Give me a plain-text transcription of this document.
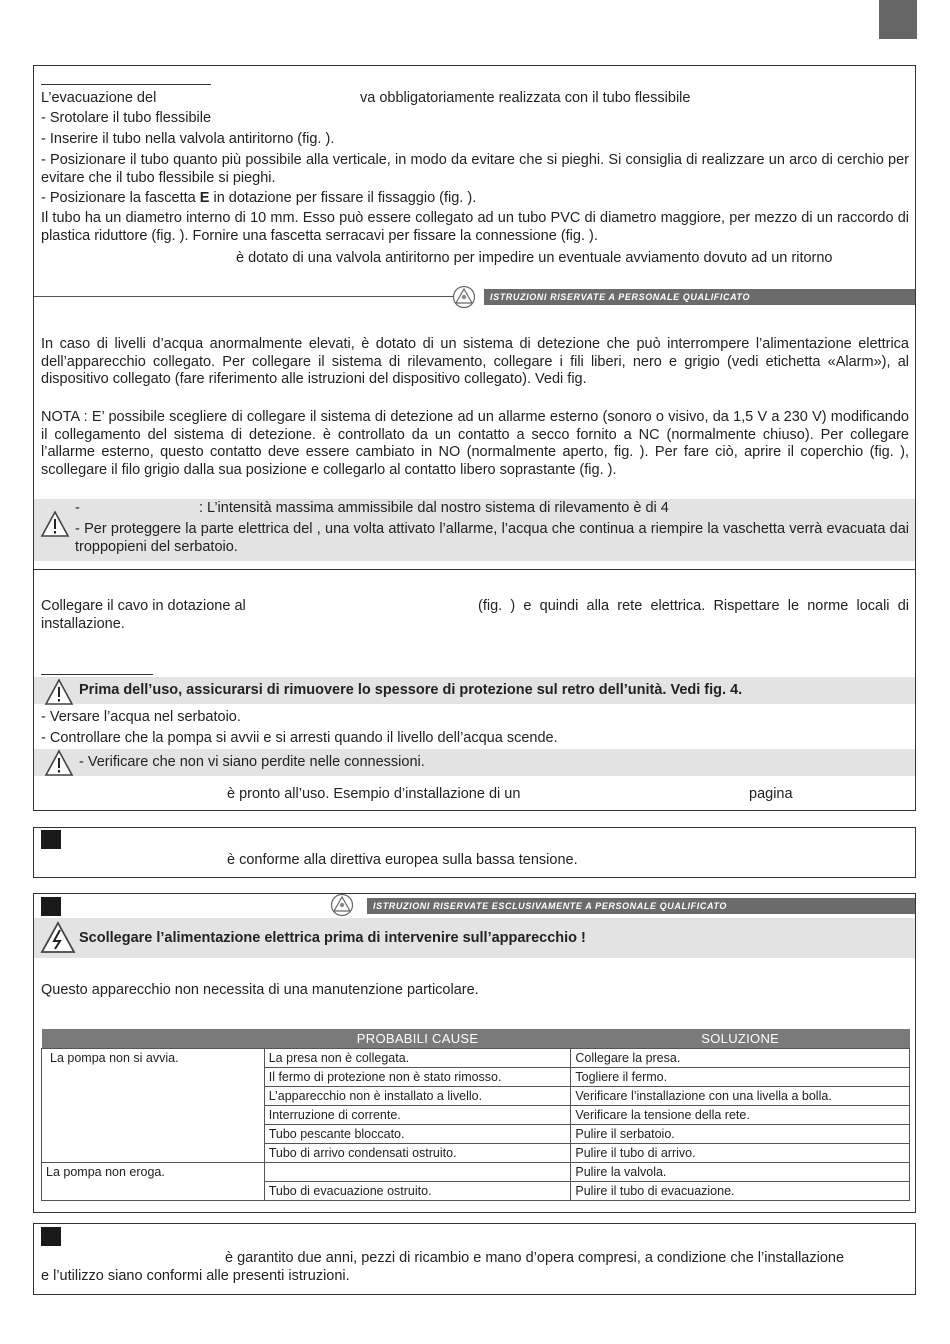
L’evacuazione del	va obbligatoriamente realizzata con il tubo flessibile

- Srotolare il tubo flessibile

- Inserire il tubo nella valvola antiritorno (fig. ).

- Posizionare il tubo quanto più possibile alla verticale, in modo da evitare che si pieghi. Si consiglia di realizzare un arco di cerchio per evitare che il tubo flessibile si pieghi.

- Posizionare la fascetta E in dotazione per fissare il fissaggio (fig. ).

Il tubo ha un diametro interno di 10 mm. Esso può essere collegato ad un tubo PVC di diametro maggiore, per mezzo di un raccordo di plastica riduttore (fig. ). Fornire una fascetta serracavi per fissare la connessione (fig. ).

è dotato di una valvola antiritorno per impedire un eventuale avviamento dovuto ad un ritorno

ISTRUZIONI RISERVATE A PERSONALE QUALIFICATO

In caso di livelli d’acqua anormalmente elevati, è dotato di un sistema di detezione che può interrompere l’alimentazione elettrica dell’apparecchio collegato. Per collegare il sistema di rilevamento, collegare i fili liberi, nero e grigio (vedi etichetta «Alarm»), al dispositivo collegato (fare riferimento alle istruzioni del dispositivo collegato). Vedi fig.

NOTA : E’ possibile scegliere di collegare il sistema di detezione ad un allarme esterno (sonoro o visivo, da 1,5 V a 230 V) modificando il collegamento del sistema di detezione. è controllato da un contatto a secco fornito a NC (normalmente chiuso). Per collegare l’allarme esterno, questo contatto deve essere cambiato in NO (normalmente aperto, fig. ). Per fare ciò, aprire il coperchio (fig. ), scollegare il filo grigio dalla sua posizione e collegarlo al contatto libero soprastante (fig. ).

-	: L’intensità massima ammissibile dal nostro sistema di rilevamento è di 4

- Per proteggere la parte elettrica del , una volta attivato l’allarme, l’acqua che continua a riempire la vaschetta verrà evacuata dai troppopieni del serbatoio.

Collegare il cavo in dotazione al	(fig. ) e quindi alla rete elettrica. Rispettare le norme locali di installazione.

Prima dell’uso, assicurarsi di rimuovere lo spessore di protezione sul retro dell’unità. Vedi fig. 4.

- Versare l’acqua nel serbatoio.

- Controllare che la pompa si avvii e si arresti quando il livello dell’acqua scende.

- Verificare che non vi siano perdite nelle connessioni.

è pronto all’uso. Esempio d’installazione di un	pagina

è conforme alla direttiva europea sulla bassa tensione.

ISTRUZIONI RISERVATE ESCLUSIVAMENTE A PERSONALE QUALIFICATO

Scollegare l’alimentazione elettrica prima di intervenire sull’apparecchio !

Questo apparecchio non necessita di una manutenzione particolare.

	PROBABILI CAUSE	SOLUZIONE
La pompa non si avvia.	La presa non è collegata.	Collegare la presa.
	Il fermo di protezione non è stato rimosso.	Togliere il fermo.
	L’apparecchio non è installato a livello.	Verificare l’installazione con una livella a bolla.
	Interruzione di corrente.	Verificare la tensione della rete.
	Tubo pescante bloccato.	Pulire il serbatoio.
	Tubo di arrivo condensati ostruito.	Pulire il tubo di arrivo.
La pompa non eroga.		Pulire la valvola.
	Tubo di evacuazione ostruito.	Pulire il tubo di evacuazione.

è garantito due anni, pezzi di ricambio e mano d’opera compresi, a condizione che l’installazione

e l’utilizzo siano conformi alle presenti istruzioni.
